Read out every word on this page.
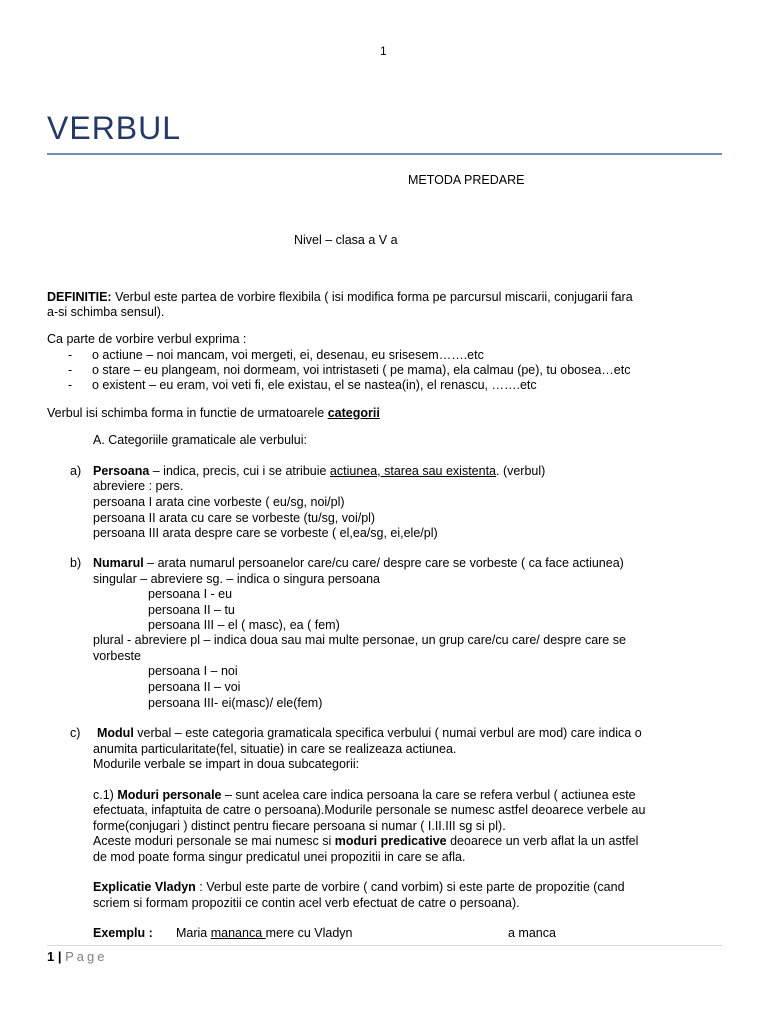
1
VERBUL
METODA PREDARE
Nivel – clasa a V a
DEFINITIE: Verbul este partea de vorbire flexibila ( isi modifica forma pe parcursul miscarii, conjugarii fara
a-si schimba sensul).
Ca parte de vorbire verbul exprima :
- o actiune – noi mancam, voi mergeti, ei, desenau, eu srisesem…….etc
- o stare – eu plangeam, noi dormeam, voi intristaseti ( pe mama), ela calmau (pe), tu obosea…etc
- o existent – eu eram, voi veti fi, ele existau, el se nastea(in), el renascu, …….etc
Verbul isi schimba forma in functie de urmatoarele categorii
A. Categoriile gramaticale ale verbului:
a) Persoana – indica, precis, cui i se atribuie actiunea, starea sau existenta. (verbul)
abreviere : pers.
persoana I arata cine vorbeste ( eu/sg, noi/pl)
persoana II arata cu care se vorbeste (tu/sg, voi/pl)
persoana III arata despre care se vorbeste ( el,ea/sg, ei,ele/pl)
b) Numarul – arata numarul persoanelor care/cu care/ despre care se vorbeste ( ca face actiunea)
singular – abreviere sg. – indica o singura persoana
persoana I - eu
persoana II – tu
persoana III – el ( masc), ea ( fem)
plural - abreviere pl – indica doua sau mai multe personae, un grup care/cu care/ despre care se
vorbeste
persoana I – noi
persoana II – voi
persoana III- ei(masc)/ ele(fem)
c) Modul verbal – este categoria gramaticala specifica verbului ( numai verbul are mod) care indica o
anumita particularitate(fel, situatie) in care se realizeaza actiunea.
Modurile verbale se impart in doua subcategorii:
c.1) Moduri personale – sunt acelea care indica persoana la care se refera verbul ( actiunea este
efectuata, infaptuita de catre o persoana).Modurile personale se numesc astfel deoarece verbele au
forme(conjugari ) distinct pentru fiecare persoana si numar ( I.II.III sg si pl).
Aceste moduri personale se mai numesc si moduri predicative deoarece un verb aflat la un astfel
de mod poate forma singur predicatul unei propozitii in care se afla.
Explicatie Vladyn : Verbul este parte de vorbire ( cand vorbim) si este parte de propozitie (cand
scriem si formam propozitii ce contin acel verb efectuat de catre o persoana).
Exemplu : Maria mananca mere cu Vladyn	a manca
1 | Page
